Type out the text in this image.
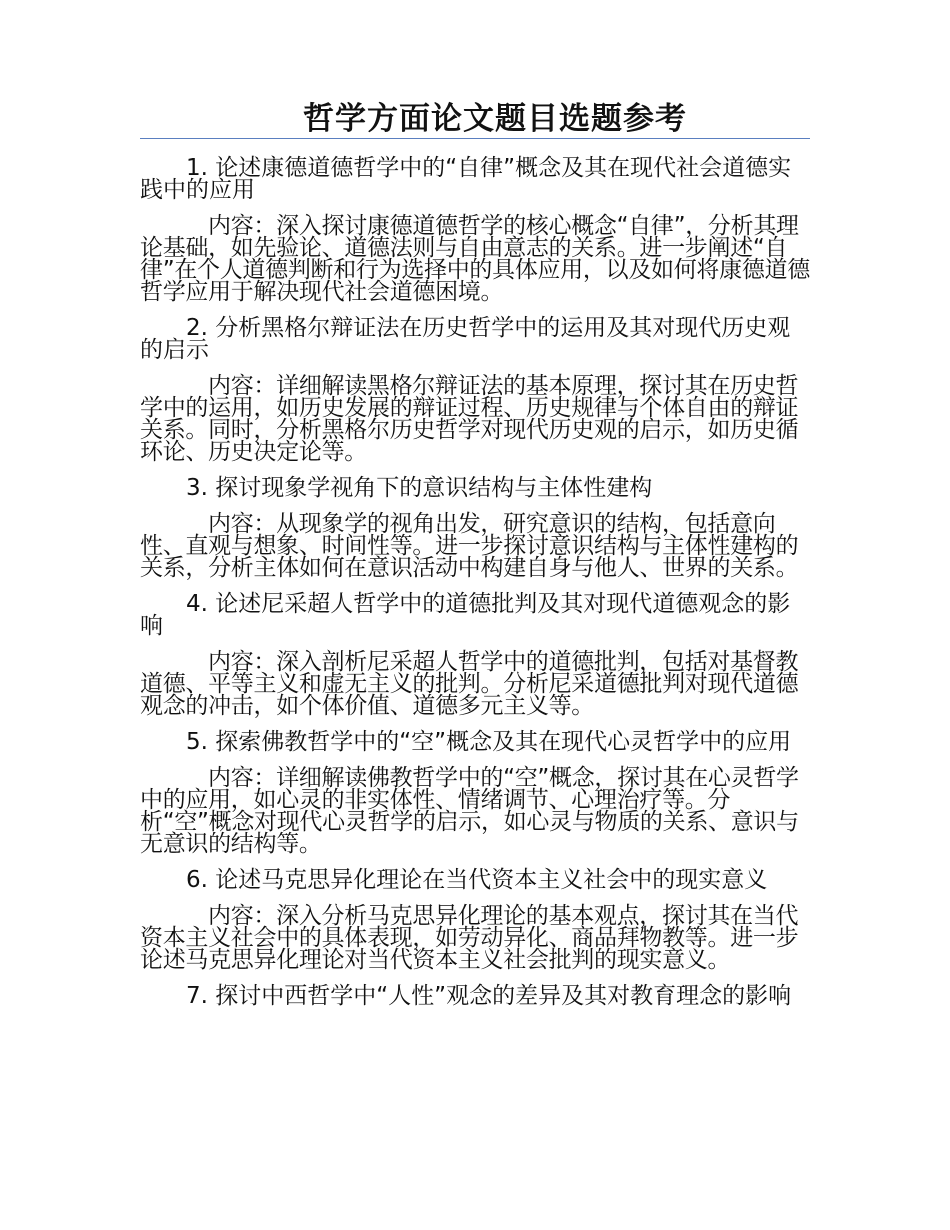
哲学方面论文题目选题参考

1. 论述康德道德哲学中的“自律”概念及其在现代社会道德实践中的应用

内容：深入探讨康德道德哲学的核心概念“自律”，分析其理论基础，如先验论、道德法则与自由意志的关系。进一步阐述“自律”在个人道德判断和行为选择中的具体应用，以及如何将康德道德哲学应用于解决现代社会道德困境。

2. 分析黑格尔辩证法在历史哲学中的运用及其对现代历史观的启示

内容：详细解读黑格尔辩证法的基本原理，探讨其在历史哲学中的运用，如历史发展的辩证过程、历史规律与个体自由的辩证关系。同时，分析黑格尔历史哲学对现代历史观的启示，如历史循环论、历史决定论等。

3. 探讨现象学视角下的意识结构与主体性建构

内容：从现象学的视角出发，研究意识的结构，包括意向性、直观与想象、时间性等。进一步探讨意识结构与主体性建构的关系，分析主体如何在意识活动中构建自身与他人、世界的关系。

4. 论述尼采超人哲学中的道德批判及其对现代道德观念的影响

内容：深入剖析尼采超人哲学中的道德批判，包括对基督教道德、平等主义和虚无主义的批判。分析尼采道德批判对现代道德观念的冲击，如个体价值、道德多元主义等。

5. 探索佛教哲学中的“空”概念及其在现代心灵哲学中的应用

内容：详细解读佛教哲学中的“空”概念，探讨其在心灵哲学中的应用，如心灵的非实体性、情绪调节、心理治疗等。分析“空”概念对现代心灵哲学的启示，如心灵与物质的关系、意识与无意识的结构等。

6. 论述马克思异化理论在当代资本主义社会中的现实意义

内容：深入分析马克思异化理论的基本观点，探讨其在当代资本主义社会中的具体表现，如劳动异化、商品拜物教等。进一步论述马克思异化理论对当代资本主义社会批判的现实意义。

7. 探讨中西哲学中“人性”观念的差异及其对教育理念的影响
